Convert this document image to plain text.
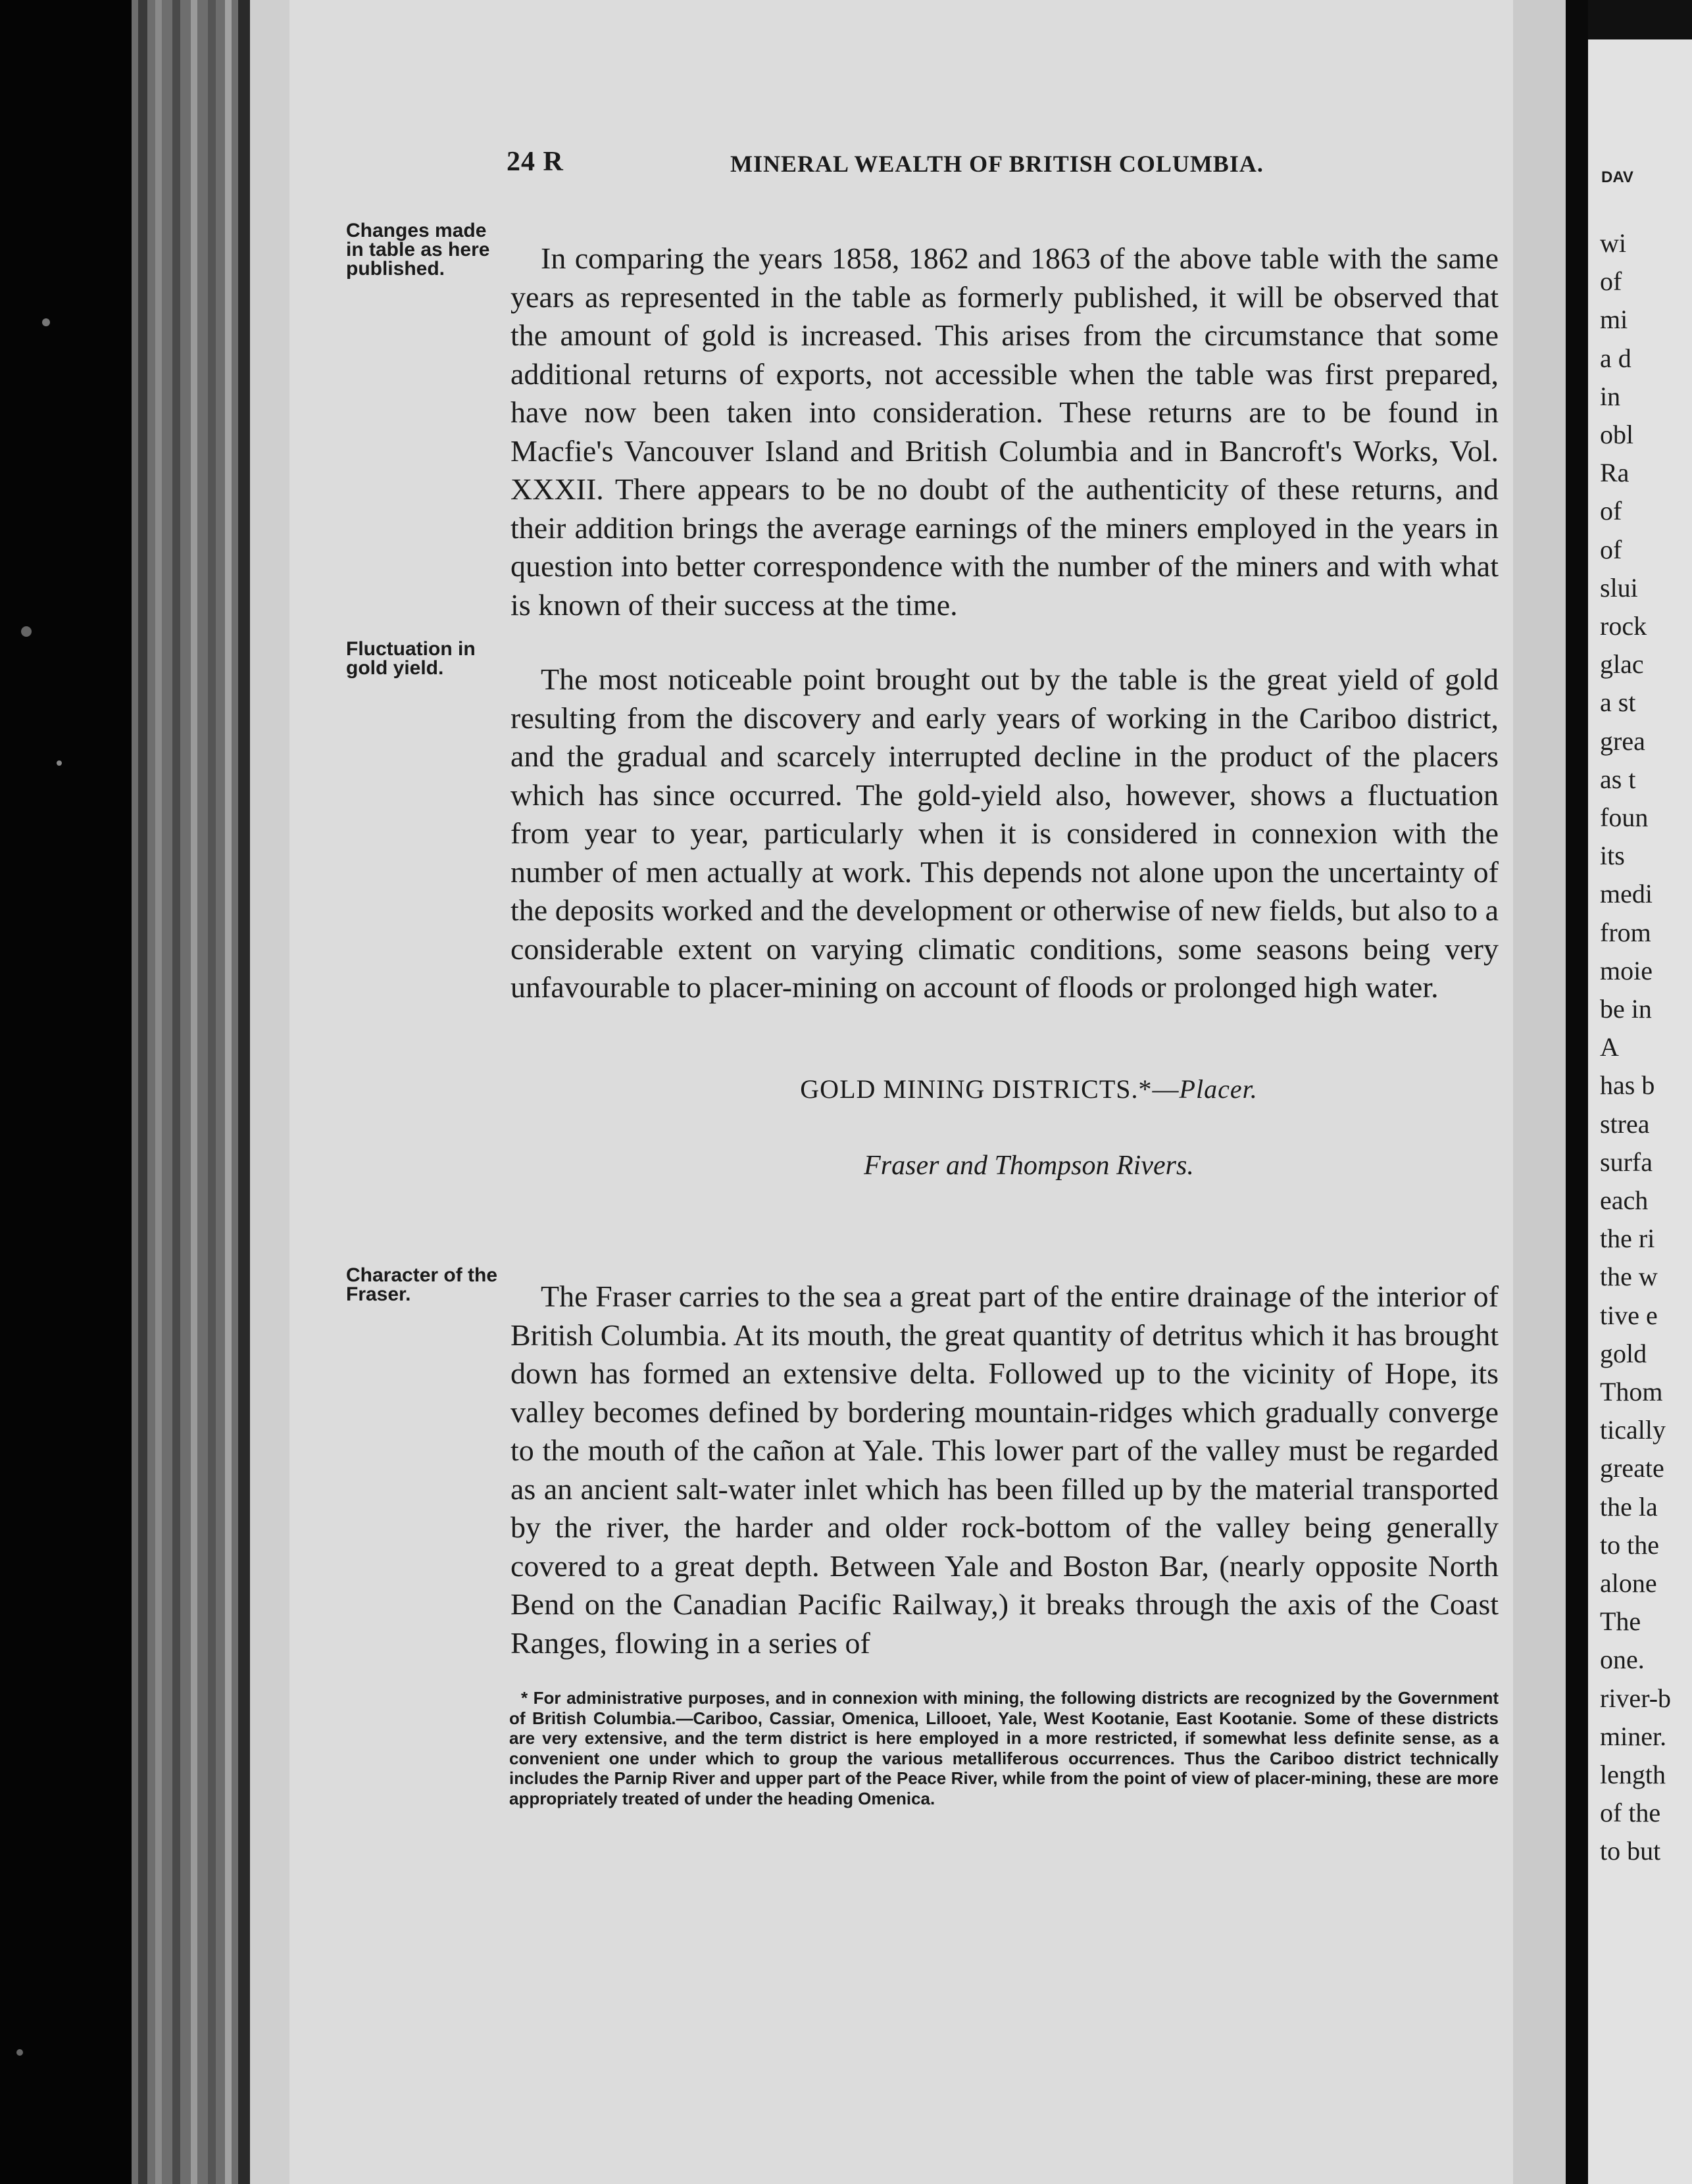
24 R	MINERAL WEALTH OF BRITISH COLUMBIA.
Changes made in table as here published.
Fluctuation in gold yield.
Character of the Fraser.

In comparing the years 1858, 1862 and 1863 of the above table with the same years as represented in the table as formerly published, it will be observed that the amount of gold is increased. This arises from the circumstance that some additional returns of exports, not accessible when the table was first prepared, have now been taken into consideration. These returns are to be found in Macfie's Vancouver Island and British Columbia and in Bancroft's Works, Vol. XXXII. There appears to be no doubt of the authenticity of these returns, and their addition brings the average earnings of the miners employed in the years in question into better correspondence with the number of the miners and with what is known of their success at the time.

The most noticeable point brought out by the table is the great yield of gold resulting from the discovery and early years of working in the Cariboo district, and the gradual and scarcely interrupted decline in the product of the placers which has since occurred. The gold-yield also, however, shows a fluctuation from year to year, particularly when it is considered in connexion with the number of men actually at work. This depends not alone upon the uncertainty of the deposits worked and the development or otherwise of new fields, but also to a considerable extent on varying climatic conditions, some seasons being very unfavourable to placer-mining on account of floods or prolonged high water.

GOLD MINING DISTRICTS.*—Placer.
Fraser and Thompson Rivers.

The Fraser carries to the sea a great part of the entire drainage of the interior of British Columbia. At its mouth, the great quantity of detritus which it has brought down has formed an extensive delta. Followed up to the vicinity of Hope, its valley becomes defined by bordering mountain-ridges which gradually converge to the mouth of the cañon at Yale. This lower part of the valley must be regarded as an ancient salt-water inlet which has been filled up by the material transported by the river, the harder and older rock-bottom of the valley being generally covered to a great depth. Between Yale and Boston Bar, (nearly opposite North Bend on the Canadian Pacific Railway,) it breaks through the axis of the Coast Ranges, flowing in a series of

* For administrative purposes, and in connexion with mining, the following districts are recognized by the Government of British Columbia.—Cariboo, Cassiar, Omenica, Lillooet, Yale, West Kootanie, East Kootanie. Some of these districts are very extensive, and the term district is here employed in a more restricted, if somewhat less definite sense, as a convenient one under which to group the various metalliferous occurrences. Thus the Cariboo district technically includes the Parnip River and upper part of the Peace River, while from the point of view of placer-mining, these are more appropriately treated of under the heading Omenica.
DAV
wi
of
mi
a d
in
obl
Ra
of
of
slui
rock
glac
a st
grea
as t
foun
its
medi
from
moie
be in
A
has b
strea
surfa
each
the ri
the w
tive e
gold
Thom
tically
greate
the la
to the
alone
The
one.
river-b
miner.
length
of the
to but
